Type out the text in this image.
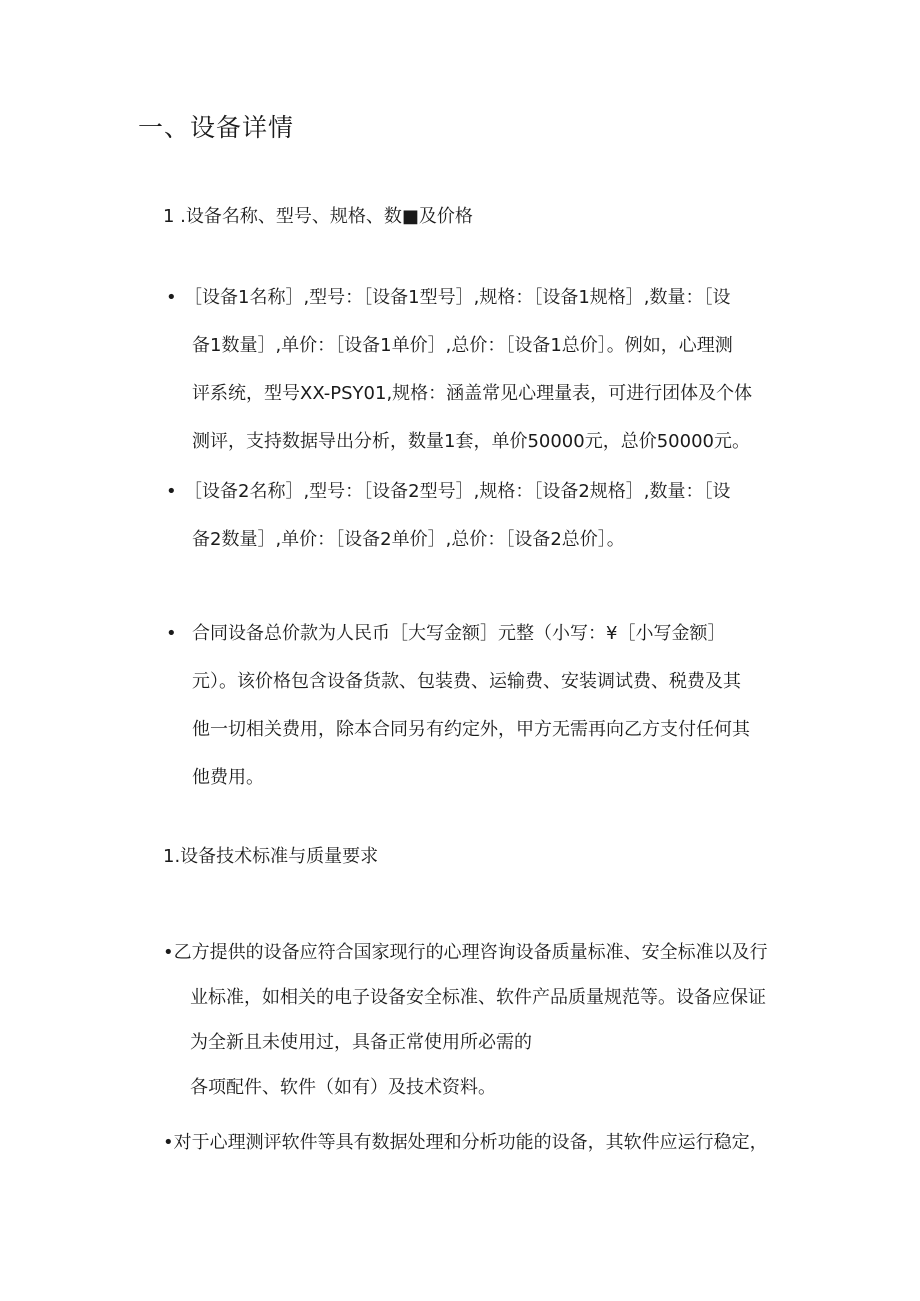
一、设备详情

1 .设备名称、型号、规格、数■及价格

• ［设备1名称］,型号：［设备1型号］,规格：［设备1规格］,数量：［设
备1数量］,单价：［设备1单价］,总价：［设备1总价］。例如，心理测
评系统，型号XX-PSY01,规格：涵盖常见心理量表，可进行团体及个体
测评，支持数据导出分析，数量1套，单价50000元，总价50000元。
• ［设备2名称］,型号：［设备2型号］,规格：［设备2规格］,数量：［设
备2数量］,单价：［设备2单价］,总价：［设备2总价］。
• 合同设备总价款为人民币［大写金额］元整（小写：¥［小写金额］
元）。该价格包含设备货款、包装费、运输费、安装调试费、税费及其
他一切相关费用，除本合同另有约定外，甲方无需再向乙方支付任何其
他费用。

1.设备技术标准与质量要求

•乙方提供的设备应符合国家现行的心理咨询设备质量标准、安全标准以及行
业标准，如相关的电子设备安全标准、软件产品质量规范等。设备应保证
为全新且未使用过，具备正常使用所必需的
各项配件、软件（如有）及技术资料。
•对于心理测评软件等具有数据处理和分析功能的设备，其软件应运行稳定，
